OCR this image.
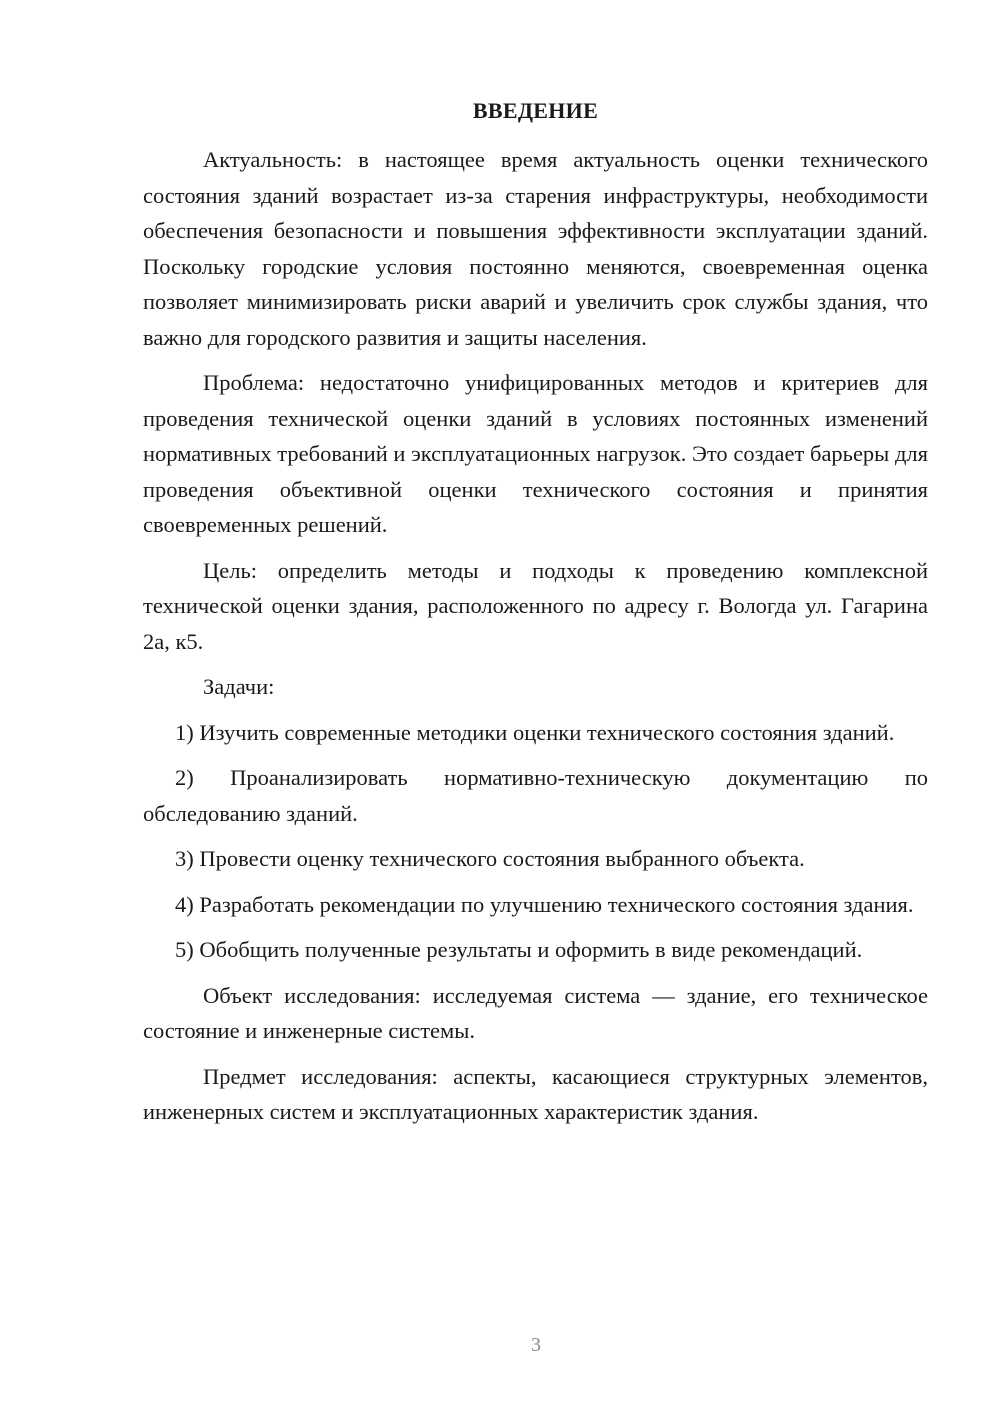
ВВЕДЕНИЕ

Актуальность: в настоящее время актуальность оценки технического состояния зданий возрастает из-за старения инфраструктуры, необходимости обеспечения безопасности и повышения эффективности эксплуатации зданий. Поскольку городские условия постоянно меняются, своевременная оценка позволяет минимизировать риски аварий и увеличить срок службы здания, что важно для городского развития и защиты населения.

Проблема: недостаточно унифицированных методов и критериев для проведения технической оценки зданий в условиях постоянных изменений нормативных требований и эксплуатационных нагрузок. Это создает барьеры для проведения объективной оценки технического состояния и принятия своевременных решений.

Цель: определить методы и подходы к проведению комплексной технической оценки здания, расположенного по адресу г. Вологда ул. Гагарина 2а, к5.

Задачи:

1) Изучить современные методики оценки технического состояния зданий.

2) Проанализировать нормативно-техническую документацию по обследованию зданий.

3) Провести оценку технического состояния выбранного объекта.

4) Разработать рекомендации по улучшению технического состояния здания.

5) Обобщить полученные результаты и оформить в виде рекомендаций.

Объект исследования: исследуемая система — здание, его техническое состояние и инженерные системы.

Предмет исследования: аспекты, касающиеся структурных элементов, инженерных систем и эксплуатационных характеристик здания.

3
